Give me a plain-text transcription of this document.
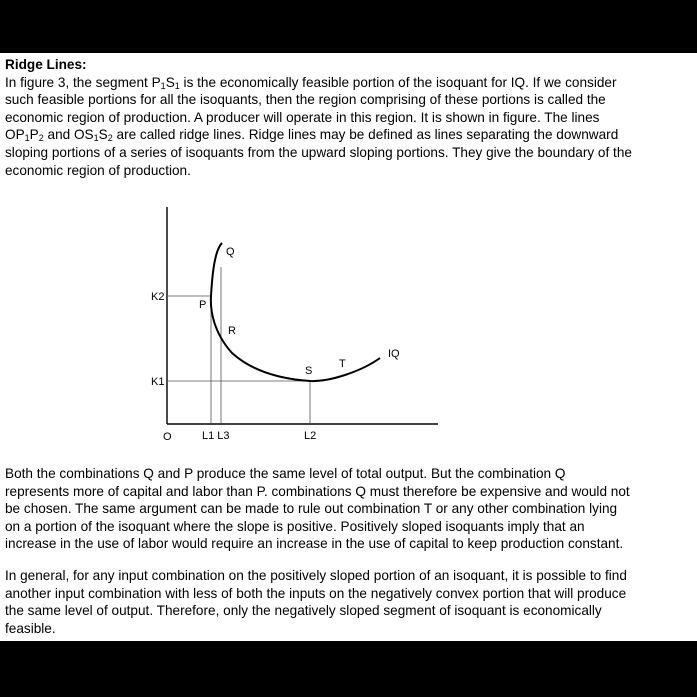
Ridge Lines:
In figure 3, the segment $P_1S_1$ is the economically feasible portion of the isoquant for IQ. If we consider
such feasible portions for all the isoquants, then the region comprising of these portions is called the
economic region of production. A producer will operate in this region. It is shown in figure. The lines
$OP_1P_2$ and $OS_1S_2$ are called ridge lines. Ridge lines may be defined as lines separating the downward
sloping portions of a series of isoquants from the upward sloping portions. They give the boundary of the
economic region of production.
O
K2
K1
L1 L3	L2
Q
P
R
S
T
IQ
Both the combinations Q and P produce the same level of total output. But the combination Q
represents more of capital and labor than P. combinations Q must therefore be expensive and would not
be chosen. The same argument can be made to rule out combination T or any other combination lying
on a portion of the isoquant where the slope is positive. Positively sloped isoquants imply that an
increase in the use of labor would require an increase in the use of capital to keep production constant.
In general, for any input combination on the positively sloped portion of an isoquant, it is possible to find
another input combination with less of both the inputs on the negatively convex portion that will produce
the same level of output. Therefore, only the negatively sloped segment of isoquant is economically
feasible.
